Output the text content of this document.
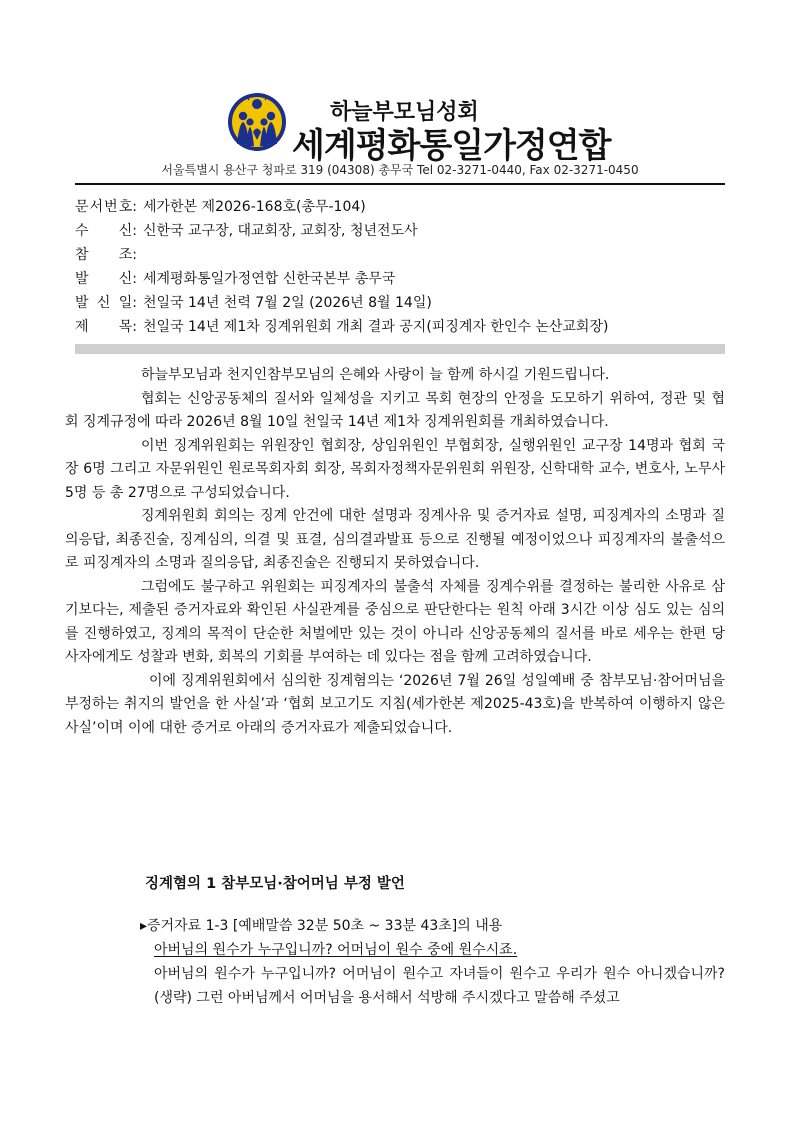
하늘부모님성회
세계평화통일가정연합
서울특별시 용산구 청파로 319 (04308) 총무국 Tel 02-3271-0440, Fax 02-3271-0450
문 서 번 호: 세가한본 제2026-168호(총무-104)
수 신: 신한국 교구장, 대교회장, 교회장, 청년전도사
참 조:
발 신: 세계평화통일가정연합 신한국본부 총무국
발 신 일: 천일국 14년 천력 7월 2일 (2026년 8월 14일)
제 목: 천일국 14년 제1차 징계위원회 개최 결과 공지(피징계자 한인수 논산교회장)

하늘부모님과 천지인참부모님의 은혜와 사랑이 늘 함께 하시길 기원드립니다.

협회는 신앙공동체의 질서와 일체성을 지키고 목회 현장의 안정을 도모하기 위하여, 정관 및 협회 징계규정에 따라 2026년 8월 10일 천일국 14년 제1차 징계위원회를 개최하였습니다.

이번 징계위원회는 위원장인 협회장, 상임위원인 부협회장, 실행위원인 교구장 14명과 협회 국장 6명 그리고 자문위원인 원로목회자회 회장, 목회자정책자문위원회 위원장, 신학대학 교수, 변호사, 노무사 5명 등 총 27명으로 구성되었습니다.

징계위원회 회의는 징계 안건에 대한 설명과 징계사유 및 증거자료 설명, 피징계자의 소명과 질의응답, 최종진술, 징계심의, 의결 및 표결, 심의결과발표 등으로 진행될 예정이었으나 피징계자의 불출석으로 피징계자의 소명과 질의응답, 최종진술은 진행되지 못하였습니다.

그럼에도 불구하고 위원회는 피징계자의 불출석 자체를 징계수위를 결정하는 불리한 사유로 삼기보다는, 제출된 증거자료와 확인된 사실관계를 중심으로 판단한다는 원칙 아래 3시간 이상 심도 있는 심의를 진행하였고, 징계의 목적이 단순한 처벌에만 있는 것이 아니라 신앙공동체의 질서를 바로 세우는 한편 당사자에게도 성찰과 변화, 회복의 기회를 부여하는 데 있다는 점을 함께 고려하였습니다.

이에 징계위원회에서 심의한 징계혐의는 ‘2026년 7월 26일 성일예배 중 참부모님·참어머님을 부정하는 취지의 발언을 한 사실’과 ‘협회 보고기도 지침(세가한본 제2025-43호)을 반복하여 이행하지 않은 사실’이며 이에 대한 증거로 아래의 증거자료가 제출되었습니다.

징계혐의 1 참부모님·참어머님 부정 발언

▸증거자료 1-3 [예배말씀 32분 50초 ~ 33분 43초]의 내용

아버님의 원수가 누구입니까? 어머님이 원수 중에 원수시죠.

아버님의 원수가 누구입니까? 어머님이 원수고 자녀들이 원수고 우리가 원수 아니겠습니까? (생략) 그런 아버님께서 어머님을 용서해서 석방해 주시겠다고 말씀해 주셨고
